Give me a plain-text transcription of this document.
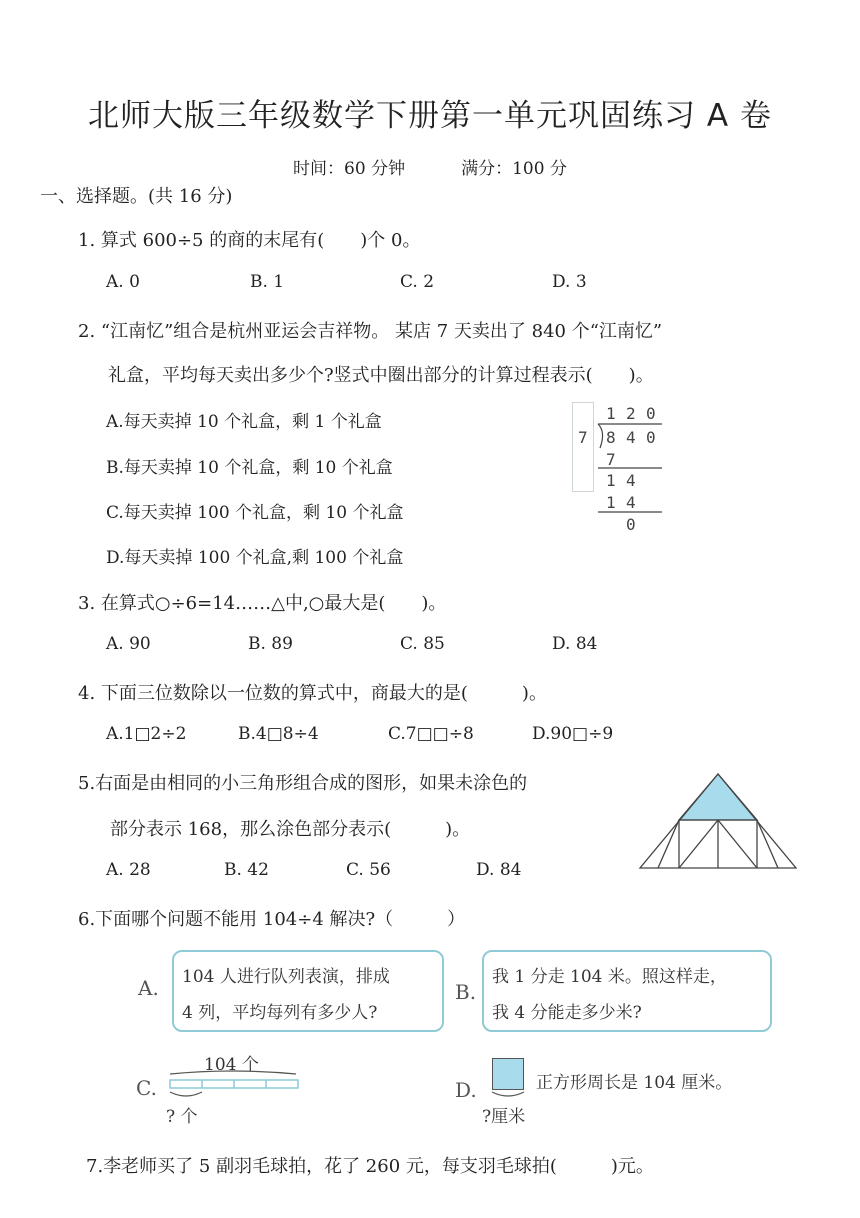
北师大版三年级数学下册第一单元巩固练习 A 卷
时间：60 分钟	满分：100 分
一、选择题。(共 16 分)
1. 算式 600÷5 的商的末尾有(　　)个 0。
A. 0	B. 1	C. 2	D. 3
2. “江南忆”组合是杭州亚运会吉祥物。 某店 7 天卖出了 840 个“江南忆”
礼盒，平均每天卖出多少个?竖式中圈出部分的计算过程表示(　　)。
A.每天卖掉 10 个礼盒，剩 1 个礼盒
B.每天卖掉 10 个礼盒，剩 10 个礼盒
C.每天卖掉 100 个礼盒，剩 10 个礼盒
D.每天卖掉 100 个礼盒,剩 100 个礼盒
1 2 0
7 8 4 0
7
1 4
1 4
0
3. 在算式○÷6=14……△中,○最大是(　　)。
A. 90	B. 89	C. 85	D. 84
4. 下面三位数除以一位数的算式中，商最大的是(　　　)。
A.1□2÷2	B.4□8÷4	C.7□□÷8	D.90□÷9
5.右面是由相同的小三角形组合成的图形，如果未涂色的
部分表示 168，那么涂色部分表示(　　　)。
A. 28	B. 42	C. 56	D. 84
6.下面哪个问题不能用 104÷4 解决?（　　　）
A. 104 人进行队列表演，排成
4 列，平均每列有多少人?
B.
我 1 分走 104 米。照这样走，
我 4 分能走多少米?
C.
104 个
? 个
D.	正方形周长是 104 厘米。
?厘米
7.李老师买了 5 副羽毛球拍，花了 260 元，每支羽毛球拍(　　　)元。
